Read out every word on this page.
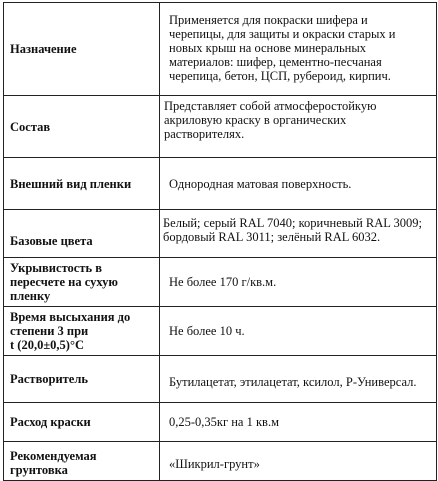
Назначение	Применяется для покраски шифера и
черепицы, для защиты и окраски старых и
новых крыш на основе минеральных
материалов: шифер, цементно-песчаная
черепица, бетон, ЦСП, рубероид, кирпич.

Состав	Представляет собой атмосферостойкую
акриловую краску в органических
растворителях.

Внешний вид пленки	Однородная матовая поверхность.

Базовые цвета	Белый; серый RAL 7040; коричневый RAL 3009;
бордовый RAL 3011; зелёный RAL 6032.

Укрывистость в
пересчете на сухую
пленку	Не более 170 г/кв.м.

Время высыхания до
степени 3 при
t (20,0±0,5)°С	Не более 10 ч.

Растворитель	Бутилацетат, этилацетат, ксилол, Р-Универсал.

Расход краски	0,25-0,35кг на 1 кв.м

Рекомендуемая
грунтовка	«Шикрил-грунт»
